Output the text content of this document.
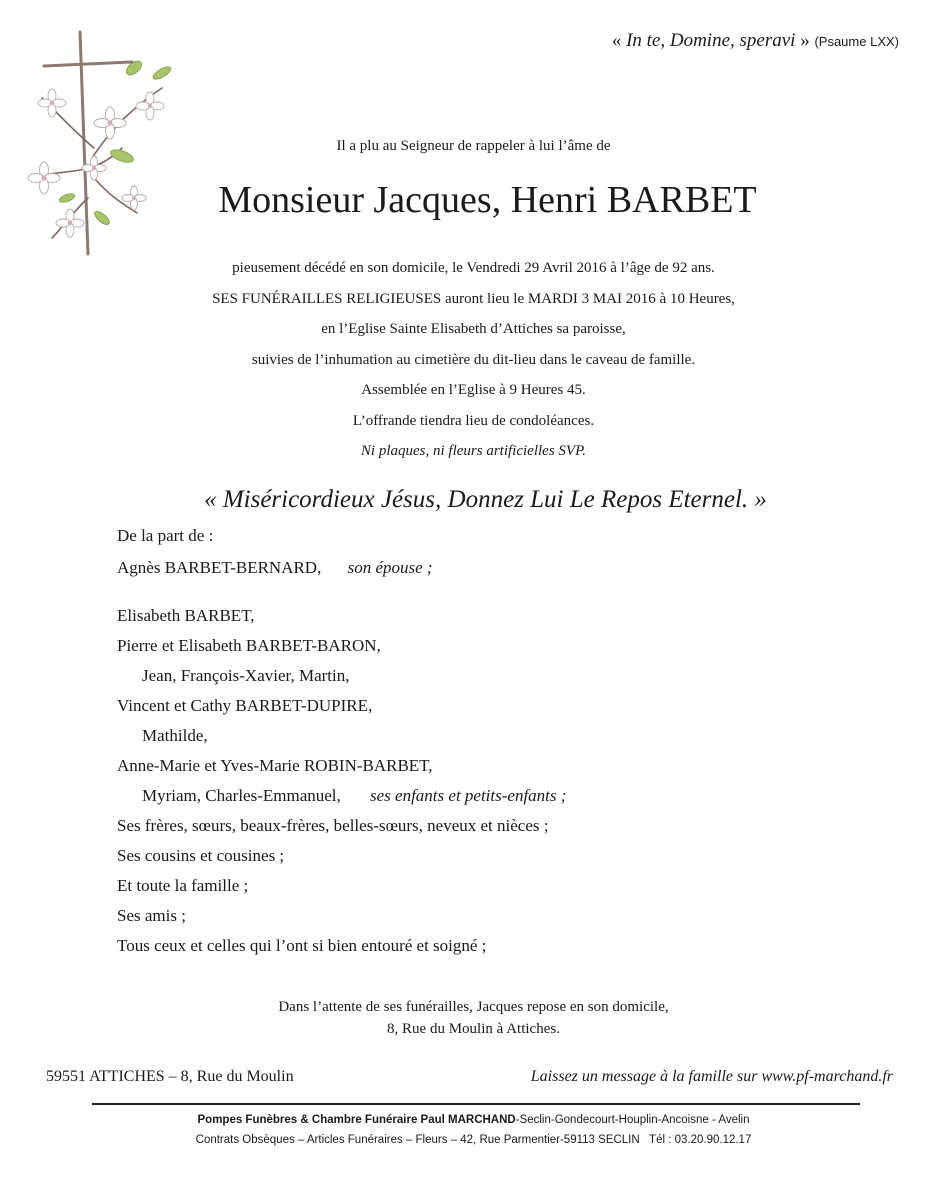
« In te, Domine, speravi » (Psaume LXX)
Il a plu au Seigneur de rappeler à lui l’âme de
Monsieur Jacques, Henri BARBET
pieusement décédé en son domicile, le Vendredi 29 Avril 2016 à l’âge de 92 ans.
SES FUNÉRAILLES RELIGIEUSES auront lieu le MARDI 3 MAI 2016 à 10 Heures,
en l’Eglise Sainte Elisabeth d’Attiches sa paroisse,
suivies de l’inhumation au cimetière du dit-lieu dans le caveau de famille.
Assemblée en l’Eglise à 9 Heures 45.
L’offrande tiendra lieu de condoléances.
Ni plaques, ni fleurs artificielles SVP.
« Miséricordieux Jésus, Donnez Lui Le Repos Eternel. »
De la part de :
Agnès BARBET-BERNARD, son épouse ;
Elisabeth BARBET,
Pierre et Elisabeth BARBET-BARON,
Jean, François-Xavier, Martin,
Vincent et Cathy BARBET-DUPIRE,
Mathilde,
Anne-Marie et Yves-Marie ROBIN-BARBET,
Myriam, Charles-Emmanuel, ses enfants et petits-enfants ;
Ses frères, sœurs, beaux-frères, belles-sœurs, neveux et nièces ;
Ses cousins et cousines ;
Et toute la famille ;
Ses amis ;
Tous ceux et celles qui l’ont si bien entouré et soigné ;
Dans l’attente de ses funérailles, Jacques repose en son domicile,
8, Rue du Moulin à Attiches.
59551 ATTICHES – 8, Rue du Moulin	Laissez un message à la famille sur www.pf-marchand.fr
Pompes Funèbres & Chambre Funéraire Paul MARCHAND-Seclin-Gondecourt-Houplin-Ancoisne - Avelin
Contrats Obsèques – Articles Funéraires – Fleurs – 42, Rue Parmentier-59113 SECLIN   Tél : 03.20.90.12.17
